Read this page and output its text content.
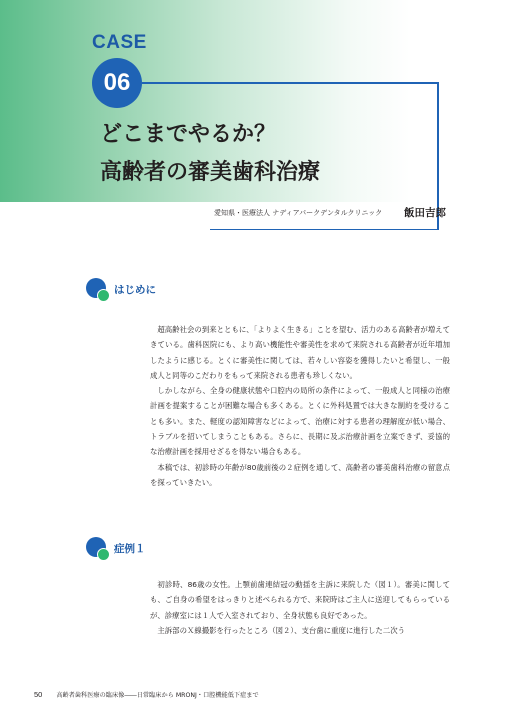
CASE
06
どこまでやるか？
高齢者の審美歯科治療
愛知県・医療法人 ナディアパークデンタルクリニック 飯田吉郎
はじめに

超高齢社会の到来とともに、「よりよく生きる」ことを望む、活力のある高齢者が増えてきている。歯科医院にも、より高い機能性や審美性を求めて来院される高齢者が近年増加したように感じる。とくに審美性に関しては、若々しい容姿を獲得したいと希望し、一般成人と同等のこだわりをもって来院される患者も珍しくない。

しかしながら、全身の健康状態や口腔内の局所の条件によって、一般成人と同様の治療計画を提案することが困難な場合も多くある。とくに外科処置では大きな制約を受けることも多い。また、軽度の認知障害などによって、治療に対する患者の理解度が低い場合、トラブルを招いてしまうこともある。さらに、長期に及ぶ治療計画を立案できず、妥協的な治療計画を採用せざるを得ない場合もある。

本稿では、初診時の年齢が80歳前後の２症例を通して、高齢者の審美歯科治療の留意点を探っていきたい。

症例１

初診時、86歳の女性。上顎前歯連結冠の動揺を主訴に来院した（図１）。審美に関しても、ご自身の希望をはっきりと述べられる方で、来院時はご主人に送迎してもらっているが、診療室には１人で入室されており、全身状態も良好であった。

主訴部のＸ線撮影を行ったところ（図２）、支台歯に重度に進行した二次う

50 高齢者歯科医療の臨床像――日常臨床から MRONJ・口腔機能低下症まで
